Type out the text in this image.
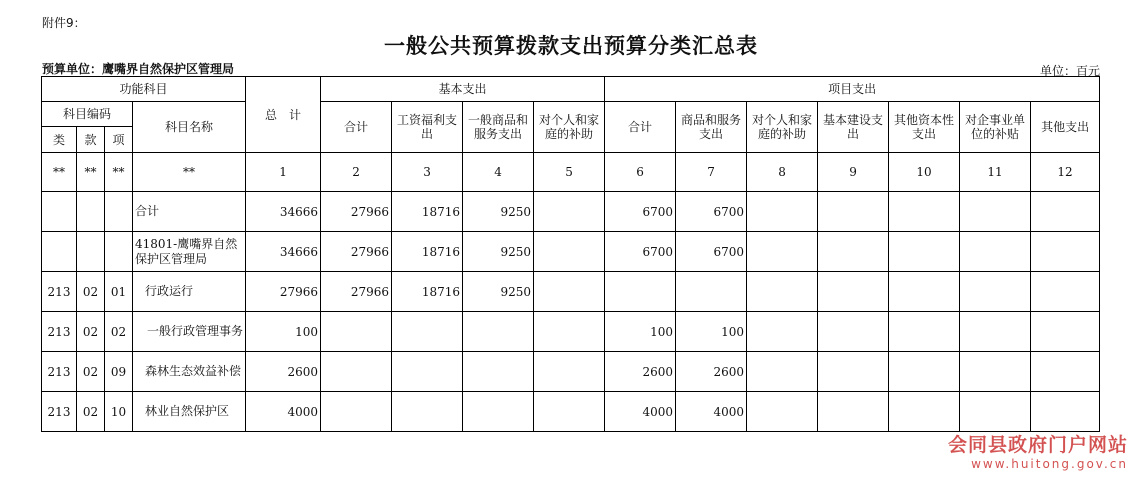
附件9：
一般公共预算拨款支出预算分类汇总表
预算单位：鹰嘴界自然保护区管理局	单位：百元
功能科目				总　计	基本支出				项目支出						
科目编码			科目名称		合计	工资福利支出	一般商品和服务支出	对个人和家庭的补助	合计	商品和服务支出	对个人和家庭的补助	基本建设支出	其他资本性支出	对企事业单位的补贴	其他支出
类	款	项													
**	**	**	**	1	2	3	4	5	6	7	8	9	10	11	12
			合计	34666	27966	18716	9250		6700	6700					
			41801-鹰嘴界自然保护区管理局	34666	27966	18716	9250		6700	6700					
213	02	01	行政运行	27966	27966	18716	9250								
213	02	02	一般行政管理事务	100					100	100					
213	02	09	森林生态效益补偿	2600					2600	2600					
213	02	10	林业自然保护区	4000					4000	4000					
会同县政府门户网站
www.huitong.gov.cn
